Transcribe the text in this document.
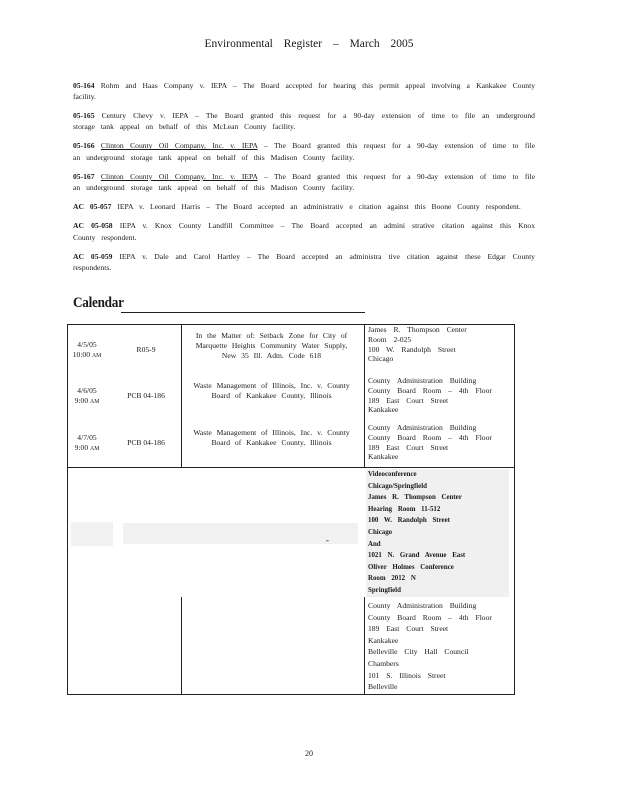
Environmental Register – March 2005

05-164 Rohm and Haas Company v. IEPA – The Board accepted for hearing this permit appeal involving a Kankakee County facility.

05-165 Century Chevy v. IEPA – The Board granted this request for a 90-day extension of time to file an underground storage tank appeal on behalf of this McLean County facility.

05-166 Clinton County Oil Company, Inc. v. IEPA – The Board granted this request for a 90-day extension of time to file an underground storage tank appeal on behalf of this Madison County facility.

05-167 Clinton County Oil Company, Inc. v. IEPA – The Board granted this request for a 90-day extension of time to file an underground storage tank appeal on behalf of this Madison County facility.

AC 05-057 IEPA v. Leonard Harris – The Board accepted an administrativ e citation against this Boone County respondent.

AC 05-058 IEPA v. Knox County Landfill Committee – The Board accepted an admini strative citation against this Knox County respondent.

AC 05-059 IEPA v. Dale and Carol Hartley – The Board accepted an administra tive citation against these Edgar County respondents.

Calendar
4/5/05
10:00 AM
R05-9
In the Matter of: Setback Zone for City of Marquette Heights Community Water Supply, New 35 Ill. Adm. Code 618
James R. Thompson Center
Room 2-025
100 W. Randolph Street
Chicago
4/6/05
9:00 AM
PCB 04-186
Waste Management of Illinois, Inc. v. County Board of Kankakee County, Illinois
County Administration Building
County Board Room – 4th Floor
189 East Court Street
Kankakee
4/7/05
9:00 AM
PCB 04-186
Waste Management of Illinois, Inc. v. County Board of Kankakee County, Illinois
County Administration Building
County Board Room – 4th Floor
189 East Court Street
Kankakee
-
Videoconference
Chicago/Springfield
James R. Thompson Center
Hearing Room 11-512
100 W. Randolph Street
Chicago
And
1021 N. Grand Avenue East
Oliver Holmes Conference
Room 2012 N
Springfield
County Administration Building
County Board Room – 4th Floor
189 East Court Street
Kankakee
Belleville City Hall Council
Chambers
101 S. Illinois Street
Belleville
20
